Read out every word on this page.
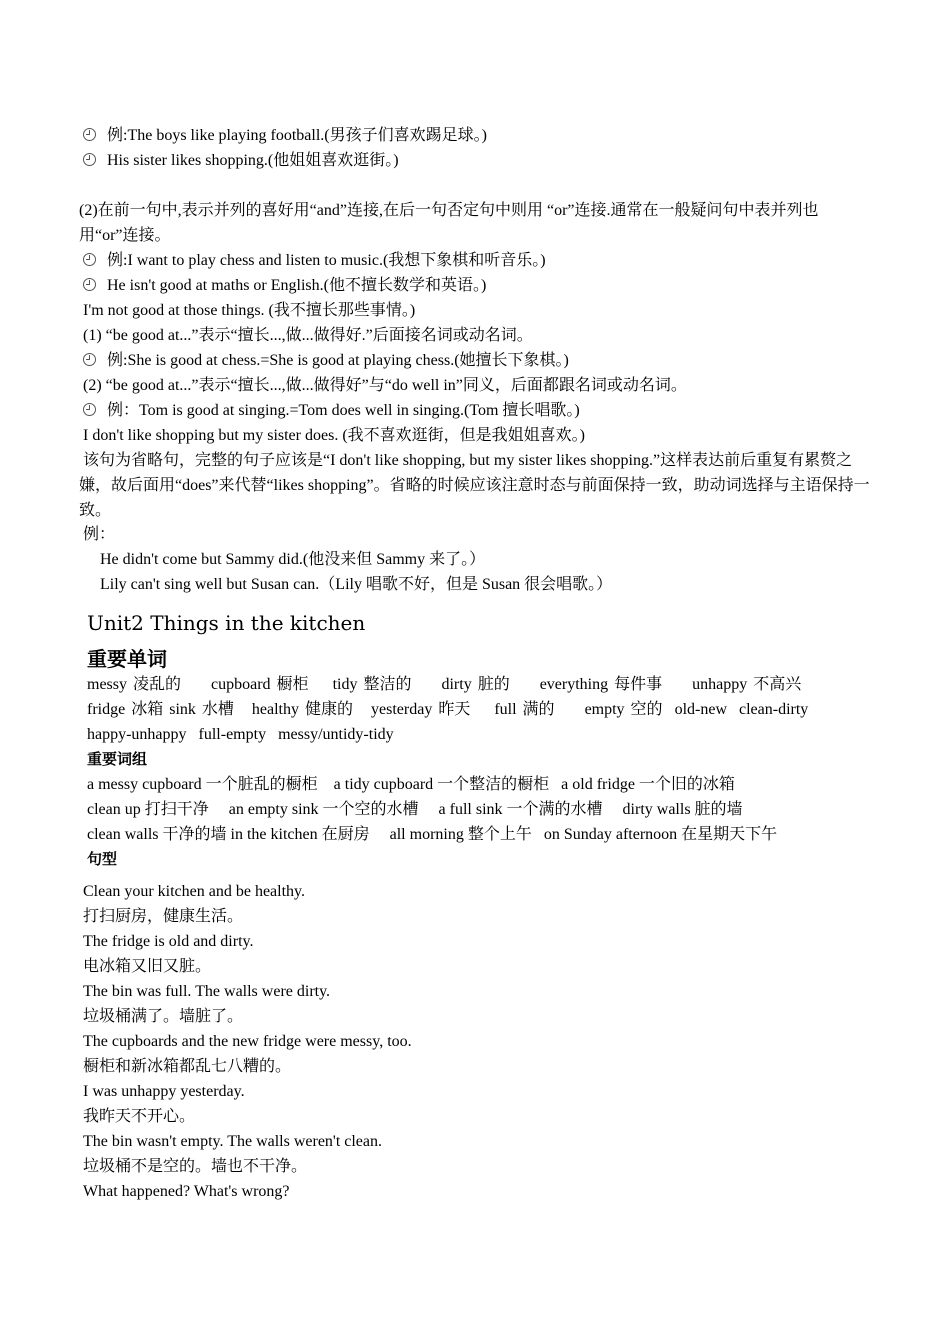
例:The boys like playing football.(男孩子们喜欢踢足球。)
His sister likes shopping.(他姐姐喜欢逛街。)
(2)在前一句中,表示并列的喜好用“and”连接,在后一句否定句中则用 “or”连接.通常在一般疑问句中表并列也用“or”连接。
例:I want to play chess and listen to music.(我想下象棋和听音乐。)
He isn't good at maths or English.(他不擅长数学和英语。)
I'm not good at those things. (我不擅长那些事情。)
(1) “be good at...”表示“擅长...,做...做得好.”后面接名词或动名词。
例:She is good at chess.=She is good at playing chess.(她擅长下象棋。)
(2) “be good at...”表示“擅长...,做...做得好”与“do well in”同义，后面都跟名词或动名词。
例：Tom is good at singing.=Tom does well in singing.(Tom 擅长唱歌。)
I don't like shopping but my sister does. (我不喜欢逛街，但是我姐姐喜欢。)
该句为省略句，完整的句子应该是“I don't like shopping, but my sister likes shopping.”这样表达前后重复有累赘之嫌，故后面用“does”来代替“likes shopping”。省略的时候应该注意时态与前面保持一致，助动词选择与主语保持一致。
例：
He didn't come but Sammy did.(他没来但 Sammy 来了。）
Lily can't sing well but Susan can.（Lily 唱歌不好，但是 Susan 很会唱歌。）
Unit2 Things in the kitchen
重要单词
messy 凌乱的 cupboard 橱柜 tidy 整洁的 dirty 脏的 everything 每件事 unhappy 不高兴    fridge 冰箱 sink 水槽 healthy 健康的 yesterday 昨天 full 满的 empty 空的 old-new clean-dirty  happy-unhappy full-empty messy/untidy-tidy
重要词组
a messy cupboard 一个脏乱的橱柜 a tidy cupboard 一个整洁的橱柜 a old fridge 一个旧的冰箱     clean up 打扫干净 an empty sink 一个空的水槽 a full sink 一个满的水槽 dirty walls 脏的墙    clean walls 干净的墙 in the kitchen 在厨房 all morning 整个上午 on Sunday afternoon 在星期天下午
句型
Clean your kitchen and be healthy.
打扫厨房，健康生活。
The fridge is old and dirty.
电冰箱又旧又脏。
The bin was full. The walls were dirty.
垃圾桶满了。墙脏了。
The cupboards and the new fridge were messy, too.
橱柜和新冰箱都乱七八糟的。
I was unhappy yesterday.
我昨天不开心。
The bin wasn't empty. The walls weren't clean.
垃圾桶不是空的。墙也不干净。
What happened? What's wrong?
